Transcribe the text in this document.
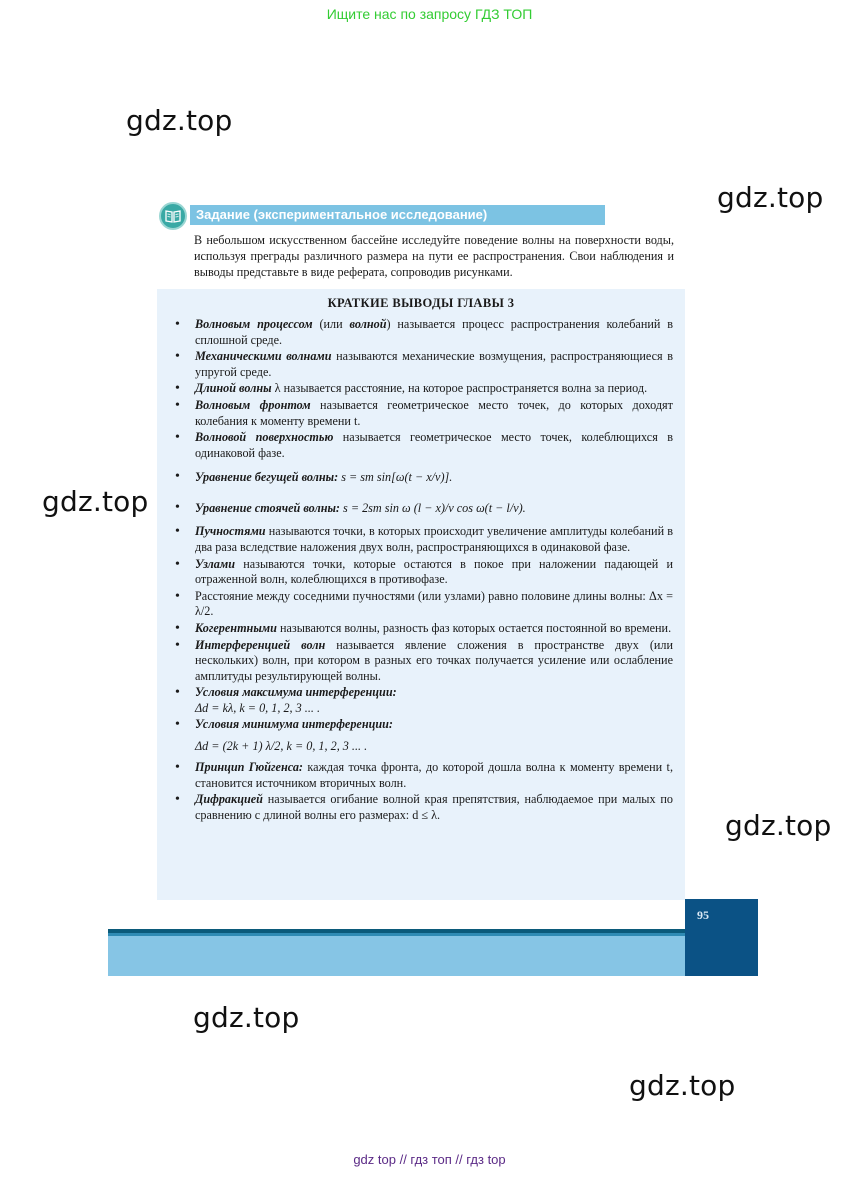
Ищите нас по запросу ГДЗ ТОП
gdz.top
gdz.top
gdz.top
gdz.top
gdz.top
gdz.top
Задание (экспериментальное исследование)
В небольшом искусственном бассейне исследуйте поведение волны на поверхности воды, используя преграды различного размера на пути ее распространения. Свои наблюдения и выводы представьте в виде реферата, сопроводив рисунками.
КРАТКИЕ ВЫВОДЫ ГЛАВЫ 3
• Волновым процессом (или волной) называется процесс распространения колебаний в сплошной среде.
• Механическими волнами называются механические возмущения, распространяющиеся в упругой среде.
• Длиной волны λ называется расстояние, на которое распространяется волна за период.
• Волновым фронтом называется геометрическое место точек, до которых доходят колебания к моменту времени t.
• Волновой поверхностью называется геометрическое место точек, колеблющихся в одинаковой фазе.
• Уравнение бегущей волны: s = sm sin[ω(t − x/v)].
• Уравнение стоячей волны: s = 2sm sin ω (l − x)/v cos ω(t − l/v).
• Пучностями называются точки, в которых происходит увеличение амплитуды колебаний в два раза вследствие наложения двух волн, распространяющихся в одинаковой фазе.
• Узлами называются точки, которые остаются в покое при наложении падающей и отраженной волн, колеблющихся в противофазе.
• Расстояние между соседними пучностями (или узлами) равно половине длины волны: Δx = λ/2.
• Когерентными называются волны, разность фаз которых остается постоянной во времени.
• Интерференцией волн называется явление сложения в пространстве двух (или нескольких) волн, при котором в разных его точках получается усиление или ослабление амплитуды результирующей волны.
• Условия максимума интерференции:
Δd = kλ, k = 0, 1, 2, 3 ... .
• Условия минимума интерференции:
Δd = (2k + 1) λ/2, k = 0, 1, 2, 3 ... .
• Принцип Гюйгенса: каждая точка фронта, до которой дошла волна к моменту времени t, становится источником вторичных волн.
• Дифракцией называется огибание волной края препятствия, наблюдаемое при малых по сравнению с длиной волны его размерах: d ≤ λ.
95
gdz top // гдз топ // гдз top
